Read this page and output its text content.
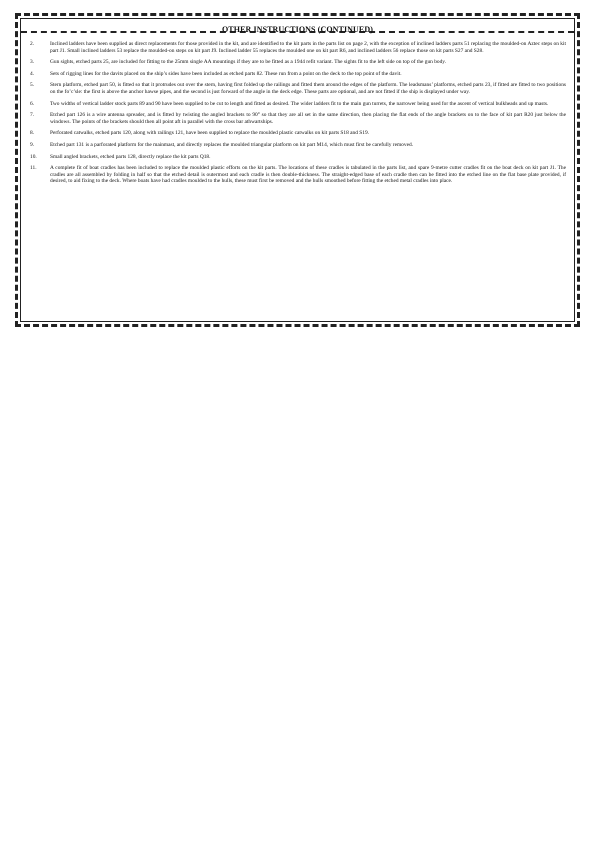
OTHER INSTRUCTIONS (CONTINUED)
2.	Inclined ladders have been supplied as direct replacements for those provided in the kit, and are identified to the kit parts in the parts list on page 2, with the exception of inclined ladders parts 51 replacing the moulded-on Aztec steps on kit part J1. Small inclined ladders 53 replace the moulded-on steps on kit part J9. Inclined ladder 55 replaces the moulded one on kit part R6, and inclined ladders 56 replace those on kit parts S27 and S28.
3.	Gun sights, etched parts 25, are included for fitting to the 25mm single AA mountings if they are to be fitted as a 1944 refit variant. The sights fit to the left side on top of the gun body.
4.	Sets of rigging lines for the davits placed on the ship’s sides have been included as etched parts 82. These run from a point on the deck to the top point of the davit.
5.	Stern platform, etched part 50, is fitted so that it protrudes out over the stern, having first folded up the railings and fitted them around the edges of the platform. The leadsmans’ platforms, etched parts 23, if fitted are fitted to two positions on the fo’c’sle: the first is above the anchor hawse pipes, and the second is just forward of the angle in the deck edge. These parts are optional, and are not fitted if the ship is displayed under way.
6.	Two widths of vertical ladder stock parts 89 and 90 have been supplied to be cut to length and fitted as desired. The wider ladders fit to the main gun turrets, the narrower being used for the ascent of vertical bulkheads and up masts.
7.	Etched part 126 is a wire antenna spreader, and is fitted by twisting the angled brackets to 90° so that they are all set in the same direction, then placing the flat ends of the angle brackets on to the face of kit part R20 just below the windows. The points of the brackets should then all point aft in parallel with the cross bar athwartships.
8.	Perforated catwalks, etched parts 120, along with railings 121, have been supplied to replace the moulded plastic catwalks on kit parts S18 and S19.
9.	Etched part 131 is a parforated platform for the mainmast, and directly replaces the moulded triangular platform on kit part M14, which must first be carefully removed.
10. Small angled brackets, etched parts 128, directly replace the kit parts Q18.
11. A complete fit of boat cradles has been included to replace the moulded plastic efforts on the kit parts. The locations of these cradles is tabulated in the parts list, and spare 9-metre cutter cradles fit on the boat deck on kit part J1. The cradles are all assembled by folding in half so that the etched detail is outermost and each cradle is then double-thickness. The straight-edged base of each cradle then can be fitted into the etched line on the flat base plate provided, if desired, to aid fixing to the deck. Where boats have had cradles moulded to the hulls, these must first be removed and the hulls smoothed before fitting the etched metal cradles into place.
